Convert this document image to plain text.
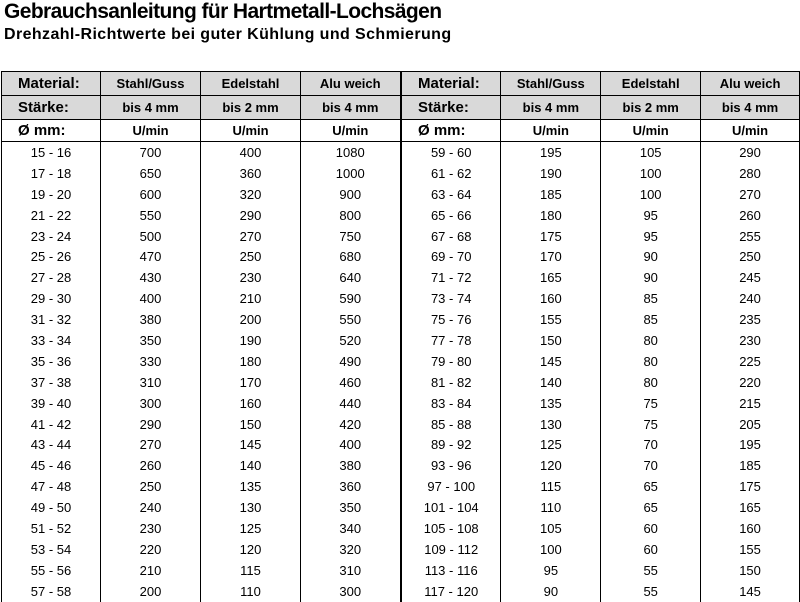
Gebrauchsanleitung für Hartmetall-Lochsägen
Drehzahl-Richtwerte bei guter Kühlung und Schmierung
Material:	Stahl/Guss	Edelstahl	Alu weich
Stärke:	bis 4 mm	bis 2 mm	bis 4 mm
Ø mm:	U/min	U/min	U/min
15 - 16	700	400	1080
17 - 18	650	360	1000
19 - 20	600	320	900
21 - 22	550	290	800
23 - 24	500	270	750
25 - 26	470	250	680
27 - 28	430	230	640
29 - 30	400	210	590
31 - 32	380	200	550
33 - 34	350	190	520
35 - 36	330	180	490
37 - 38	310	170	460
39 - 40	300	160	440
41 - 42	290	150	420
43 - 44	270	145	400
45 - 46	260	140	380
47 - 48	250	135	360
49 - 50	240	130	350
51 - 52	230	125	340
53 - 54	220	120	320
55 - 56	210	115	310
57 - 58	200	110	300
Material:	Stahl/Guss	Edelstahl	Alu weich
Stärke:	bis 4 mm	bis 2 mm	bis 4 mm
Ø mm:	U/min	U/min	U/min
59 - 60	195	105	290
61 - 62	190	100	280
63 - 64	185	100	270
65 - 66	180	95	260
67 - 68	175	95	255
69 - 70	170	90	250
71 - 72	165	90	245
73 - 74	160	85	240
75 - 76	155	85	235
77 - 78	150	80	230
79 - 80	145	80	225
81 - 82	140	80	220
83 - 84	135	75	215
85 - 88	130	75	205
89 - 92	125	70	195
93 - 96	120	70	185
97 - 100	115	65	175
101 - 104	110	65	165
105 - 108	105	60	160
109 - 112	100	60	155
113 - 116	95	55	150
117 - 120	90	55	145
